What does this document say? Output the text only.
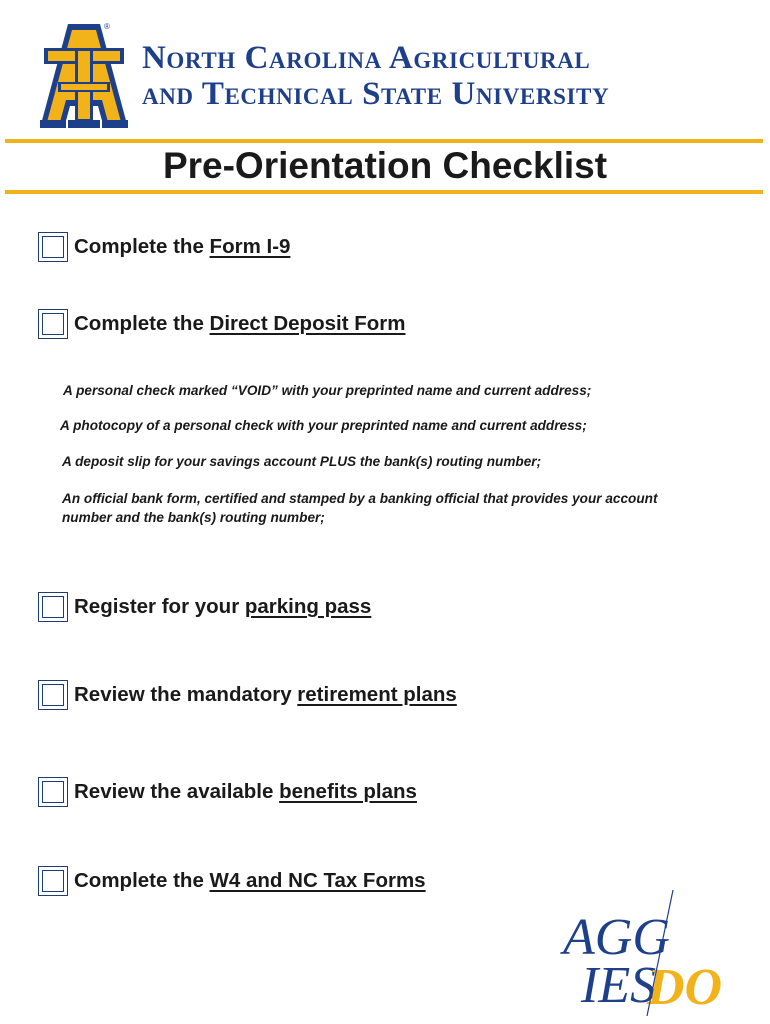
®
North Carolina Agricultural
and Technical State University
Pre-Orientation Checklist
Complete the Form I-9
Complete the Direct Deposit Form
A personal check marked “VOID” with your preprinted name and current address;
A photocopy of a personal check with your preprinted name and current address;
A deposit slip for your savings account PLUS the bank(s) routing number;
An official bank form, certified and stamped by a banking official that provides your account
number and the bank(s) routing number;
Register for your parking pass
Review the mandatory retirement plans
Review the available benefits plans
Complete the W4 and NC Tax Forms
AGG
IES
DO
